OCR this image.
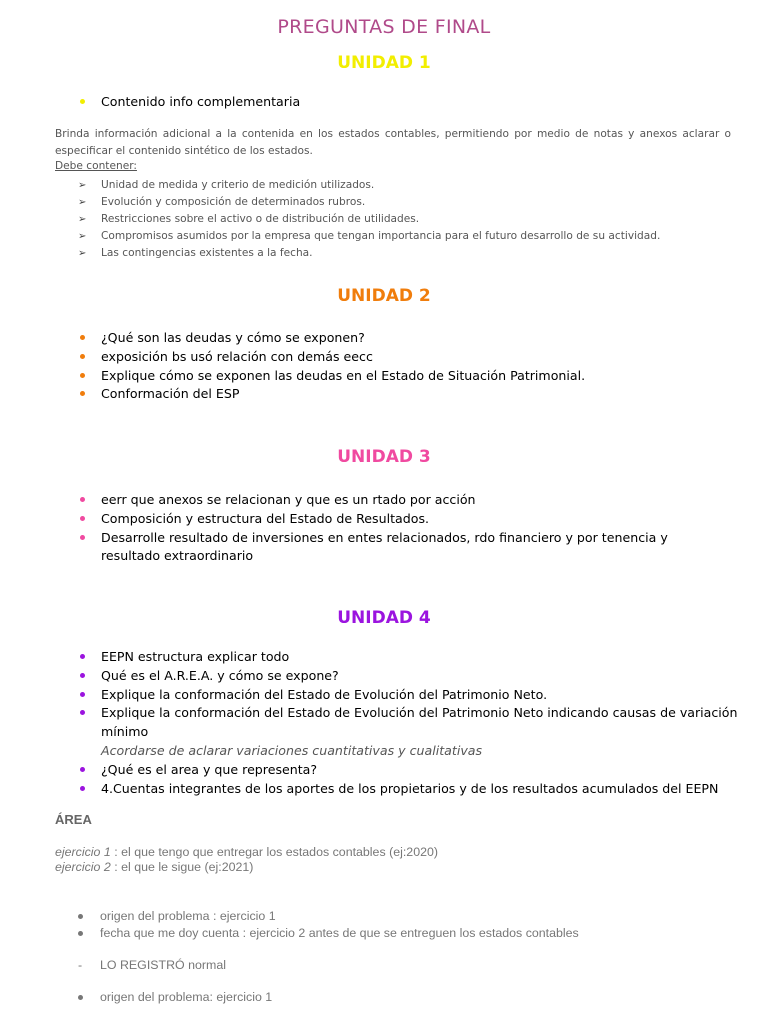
PREGUNTAS DE FINAL
UNIDAD 1
Contenido info complementaria
Brinda información adicional a la contenida en los estados contables, permitiendo por medio de notas y anexos aclarar o especificar el contenido sintético de los estados.
Debe contener:
➢ Unidad de medida y criterio de medición utilizados.
➢ Evolución y composición de determinados rubros.
➢ Restricciones sobre el activo o de distribución de utilidades.
➢ Compromisos asumidos por la empresa que tengan importancia para el futuro desarrollo de su actividad.
➢ Las contingencias existentes a la fecha.
UNIDAD 2
¿Qué son las deudas y cómo se exponen?
exposición bs usó relación con demás eecc
Explique cómo se exponen las deudas en el Estado de Situación Patrimonial.
Conformación del ESP
UNIDAD 3
eerr que anexos se relacionan y que es un rtado por acción
Composición y estructura del Estado de Resultados.
Desarrolle resultado de inversiones en entes relacionados, rdo financiero y por tenencia y resultado extraordinario
UNIDAD 4
EEPN estructura explicar todo
Qué es el A.R.E.A. y cómo se expone?
Explique la conformación del Estado de Evolución del Patrimonio Neto.
Explique la conformación del Estado de Evolución del Patrimonio Neto indicando causas de variación mínimo
Acordarse de aclarar variaciones cuantitativas y cualitativas
¿Qué es el area y que representa?
4.Cuentas integrantes de los aportes de los propietarios y de los resultados acumulados del EEPN
ÁREA
ejercicio 1 : el que tengo que entregar los estados contables (ej:2020)
ejercicio 2 : el que le sigue (ej:2021)
origen del problema : ejercicio 1
fecha que me doy cuenta : ejercicio 2 antes de que se entreguen los estados contables
- LO REGISTRÓ normal
origen del problema: ejercicio 1
